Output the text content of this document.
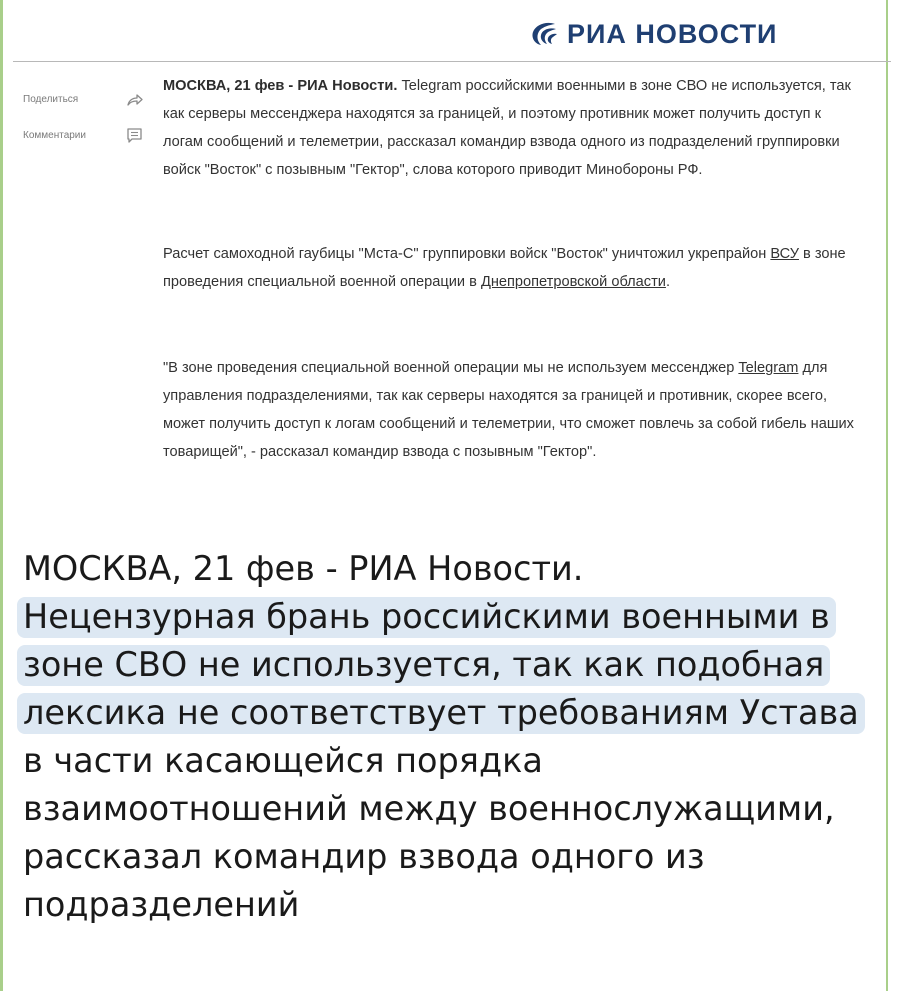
РИА НОВОСТИ
Поделиться
Комментарии

МОСКВА, 21 фев - РИА Новости. Telegram российскими военными в зоне СВО не используется, так как серверы мессенджера находятся за границей, и поэтому противник может получить доступ к логам сообщений и телеметрии, рассказал командир взвода одного из подразделений группировки войск "Восток" с позывным "Гектор", слова которого приводит Минобороны РФ.

Расчет самоходной гаубицы "Мста-С" группировки войск "Восток" уничтожил укрепрайон ВСУ в зоне проведения специальной военной операции в Днепропетровской области.

"В зоне проведения специальной военной операции мы не используем мессенджер Telegram для управления подразделениями, так как серверы находятся за границей и противник, скорее всего, может получить доступ к логам сообщений и телеметрии, что сможет повлечь за собой гибель наших товарищей", - рассказал командир взвода с позывным "Гектор".

МОСКВА, 21 фев - РИА Новости.
Нецензурная брань российскими военными в зоне СВО не используется, так как подобная лексика не соответствует требованиям Устава в части касающейся порядка взаимоотношений между военнослужащими, рассказал командир взвода одного из подразделений
